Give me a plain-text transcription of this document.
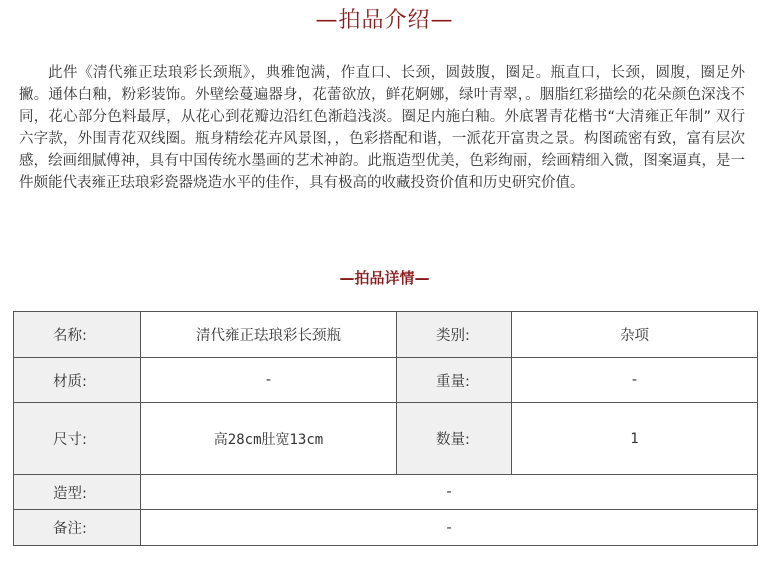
—拍品介绍—

此件《清代雍正珐琅彩长颈瓶》，典雅饱满，作直口、长颈，圆鼓腹，圈足。瓶直口，长颈，圆腹，圈足外撇。通体白釉，粉彩装饰。外壁绘蔓遍器身，花蕾欲放，鲜花婀娜，绿叶青翠，。胭脂红彩描绘的花朵颜色深浅不同，花心部分色料最厚，从花心到花瓣边沿红色渐趋浅淡。圈足内施白釉。外底署青花楷书“大清雍正年制” 双行六字款，外围青花双线圈。瓶身精绘花卉风景图，，色彩搭配和谐，一派花开富贵之景。构图疏密有致，富有层次感，绘画细腻傅神，具有中国传统水墨画的艺术神韵。此瓶造型优美，色彩绚丽，绘画精细入微，图案逼真，是一件颇能代表雍正珐琅彩瓷器烧造水平的佳作，具有极高的收藏投资价值和历史研究价值。

—拍品详情—
名称:	清代雍正珐琅彩长颈瓶	类别:	杂项
材质:	-	重量:	-
尺寸:	高28cm肚宽13cm	数量:	1
造型:	-		
备注:	-		
